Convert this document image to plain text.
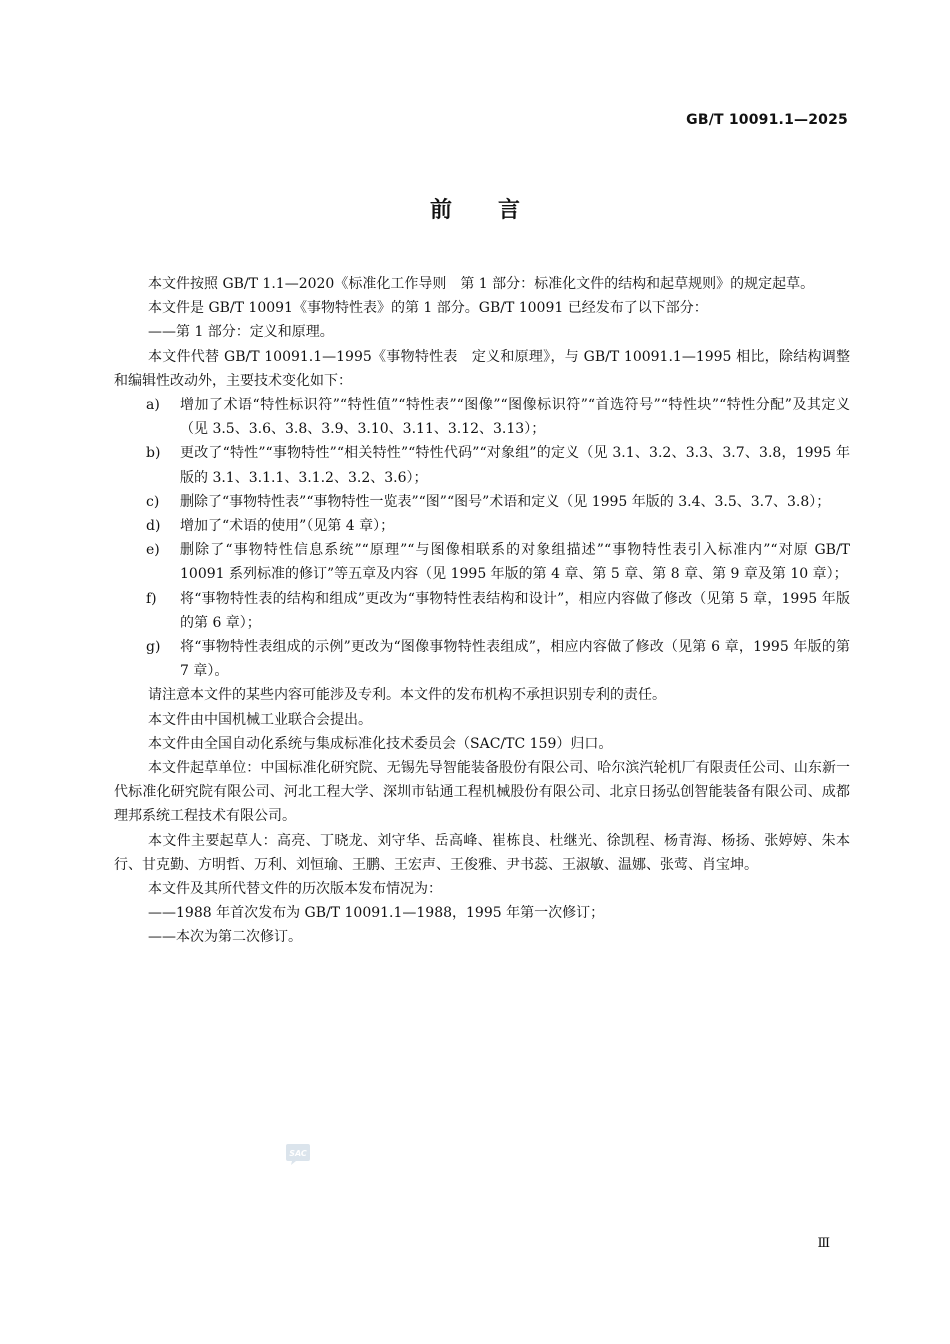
GB/T 10091.1—2025
前言

本文件按照 GB/T 1.1—2020《标准化工作导则　第 1 部分：标准化文件的结构和起草规则》的规定起草。

本文件是 GB/T 10091《事物特性表》的第 1 部分。GB/T 10091 已经发布了以下部分：

——第 1 部分：定义和原理。

本文件代替 GB/T 10091.1—1995《事物特性表　定义和原理》，与 GB/T 10091.1—1995 相比，除结构调整和编辑性改动外，主要技术变化如下：

a)	增加了术语“特性标识符”“特性值”“特性表”“图像”“图像标识符”“首选符号”“特性块”“特性分配”及其定义（见 3.5、3.6、3.8、3.9、3.10、3.11、3.12、3.13）；
b)	更改了“特性”“事物特性”“相关特性”“特性代码”“对象组”的定义（见 3.1、3.2、3.3、3.7、3.8，1995 年版的 3.1、3.1.1、3.1.2、3.2、3.6）；
c)	删除了“事物特性表”“事物特性一览表”“图”“图号”术语和定义（见 1995 年版的 3.4、3.5、3.7、3.8）；
d)	增加了“术语的使用”（见第 4 章）；
e)	删除了“事物特性信息系统”“原理”“与图像相联系的对象组描述”“事物特性表引入标准内”“对原 GB/T 10091 系列标准的修订”等五章及内容（见 1995 年版的第 4 章、第 5 章、第 8 章、第 9 章及第 10 章）；
f)	将“事物特性表的结构和组成”更改为“事物特性表结构和设计”，相应内容做了修改（见第 5 章，1995 年版的第 6 章）；
g)	将“事物特性表组成的示例”更改为“图像事物特性表组成”，相应内容做了修改（见第 6 章，1995 年版的第 7 章）。

请注意本文件的某些内容可能涉及专利。本文件的发布机构不承担识别专利的责任。

本文件由中国机械工业联合会提出。

本文件由全国自动化系统与集成标准化技术委员会（SAC/TC 159）归口。

本文件起草单位：中国标准化研究院、无锡先导智能装备股份有限公司、哈尔滨汽轮机厂有限责任公司、山东新一代标准化研究院有限公司、河北工程大学、深圳市钻通工程机械股份有限公司、北京日扬弘创智能装备有限公司、成都理邦系统工程技术有限公司。

本文件主要起草人：高亮、丁晓龙、刘守华、岳高峰、崔栋良、杜继光、徐凯程、杨青海、杨扬、张婷婷、朱本行、甘克勤、方明哲、万利、刘恒瑜、王鹏、王宏声、王俊雅、尹书蕊、王淑敏、温娜、张莺、肖宝坤。

本文件及其所代替文件的历次版本发布情况为：

——1988 年首次发布为 GB/T 10091.1—1988，1995 年第一次修订；

——本次为第二次修订。

SAC
Ⅲ
